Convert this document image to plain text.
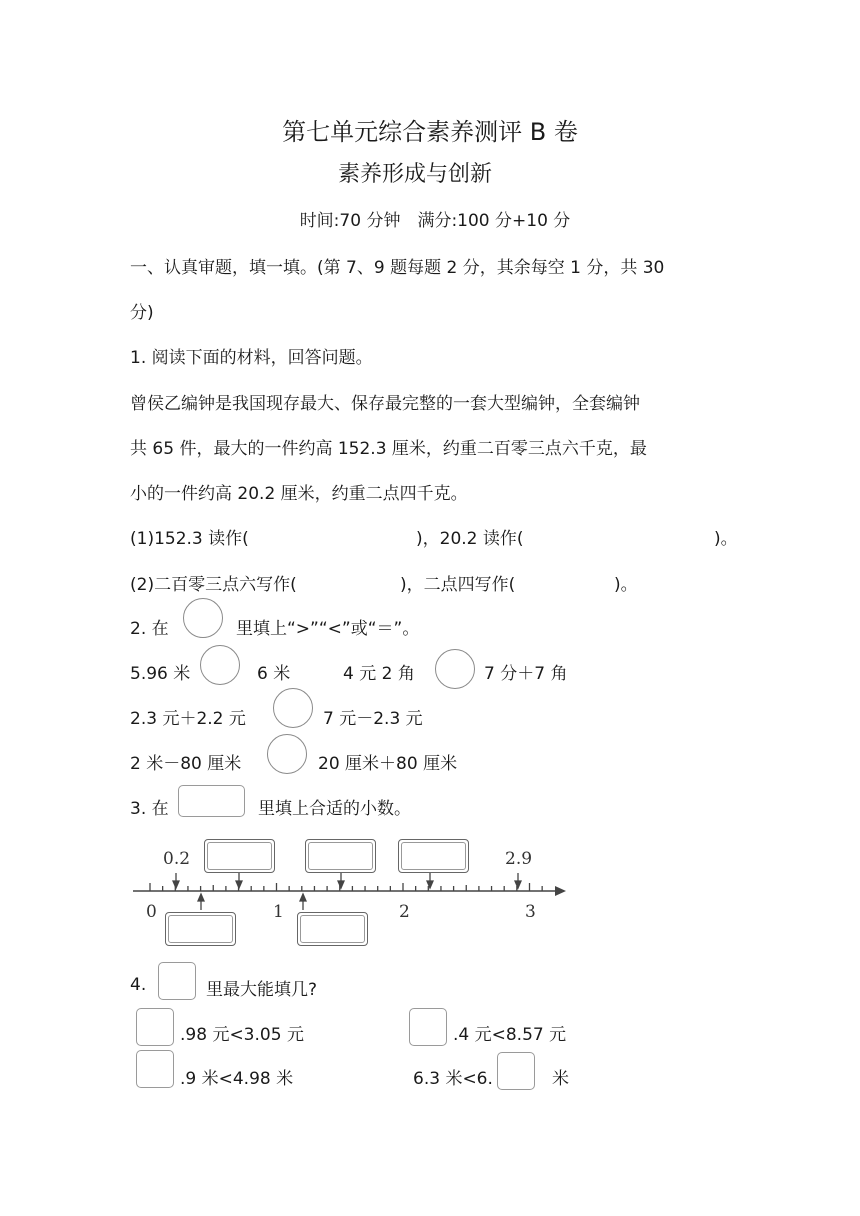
第七单元综合素养测评 B 卷
素养形成与创新
时间:70 分钟　满分:100 分+10 分
一、认真审题，填一填。(第 7、9 题每题 2 分，其余每空 1 分，共 30
分)
1. 阅读下面的材料，回答问题。
曾侯乙编钟是我国现存最大、保存最完整的一套大型编钟，全套编钟
共 65 件，最大的一件约高 152.3 厘米，约重二百零三点六千克，最
小的一件约高 20.2 厘米，约重二点四千克。
(1)152.3 读作(	)，20.2 读作(	)。
(2)二百零三点六写作(	)，二点四写作(	)。
2. 在	里填上“>”“<”或“＝”。
5.96 米	6 米	4 元 2 角	7 分＋7 角
2.3 元＋2.2 元	7 元－2.3 元
2 米－80 厘米	20 厘米＋80 厘米
3. 在	里填上合适的小数。
0.2	2.9
0	1	2	3
4.	里最大能填几?
.98 元<3.05 元	.4 元<8.57 元
.9 米<4.98 米	6.3 米<6.	米
